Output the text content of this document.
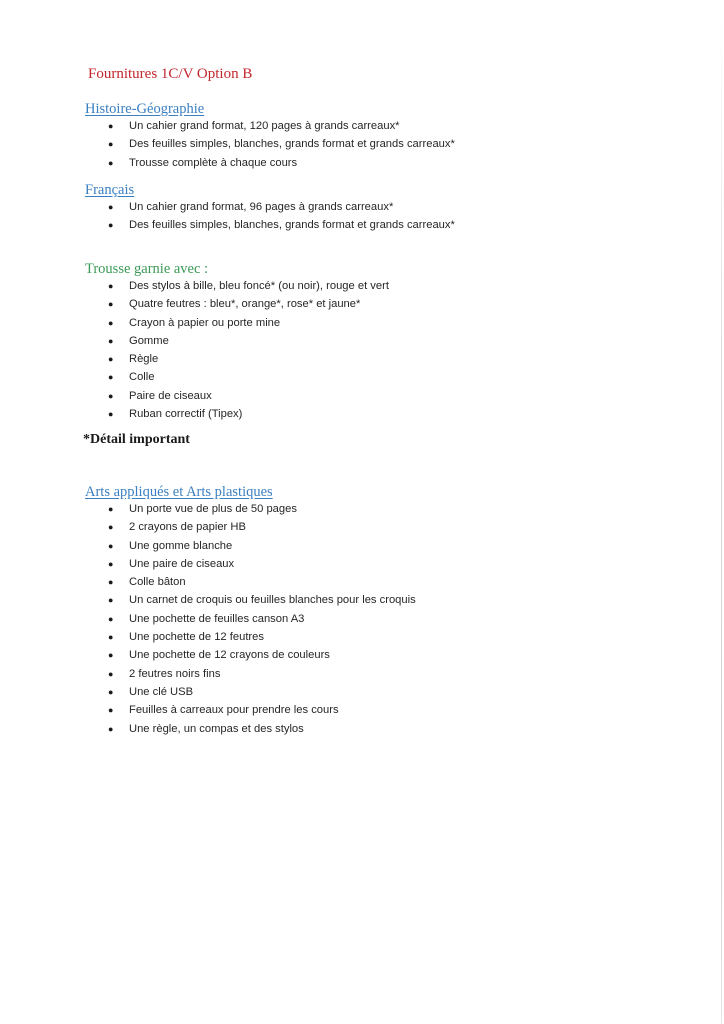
Fournitures 1C/V Option B

Histoire-Géographie

● Un cahier grand format, 120 pages à grands carreaux*
● Des feuilles simples, blanches, grands format et grands carreaux*
● Trousse complète à chaque cours

Français

● Un cahier grand format, 96 pages à grands carreaux*
● Des feuilles simples, blanches, grands format et grands carreaux*

Trousse garnie avec :

● Des stylos à bille, bleu foncé* (ou noir), rouge et vert
● Quatre feutres : bleu*, orange*, rose* et jaune*
● Crayon à papier ou porte mine
● Gomme
● Règle
● Colle
● Paire de ciseaux
● Ruban correctif (Tipex)

*Détail important

Arts appliqués et Arts plastiques

● Un porte vue de plus de 50 pages
● 2 crayons de papier HB
● Une gomme blanche
● Une paire de ciseaux
● Colle bâton
● Un carnet de croquis ou feuilles blanches pour les croquis
● Une pochette de feuilles canson A3
● Une pochette de 12 feutres
● Une pochette de 12 crayons de couleurs
● 2 feutres noirs fins
● Une clé USB
● Feuilles à carreaux pour prendre les cours
● Une règle, un compas et des stylos
